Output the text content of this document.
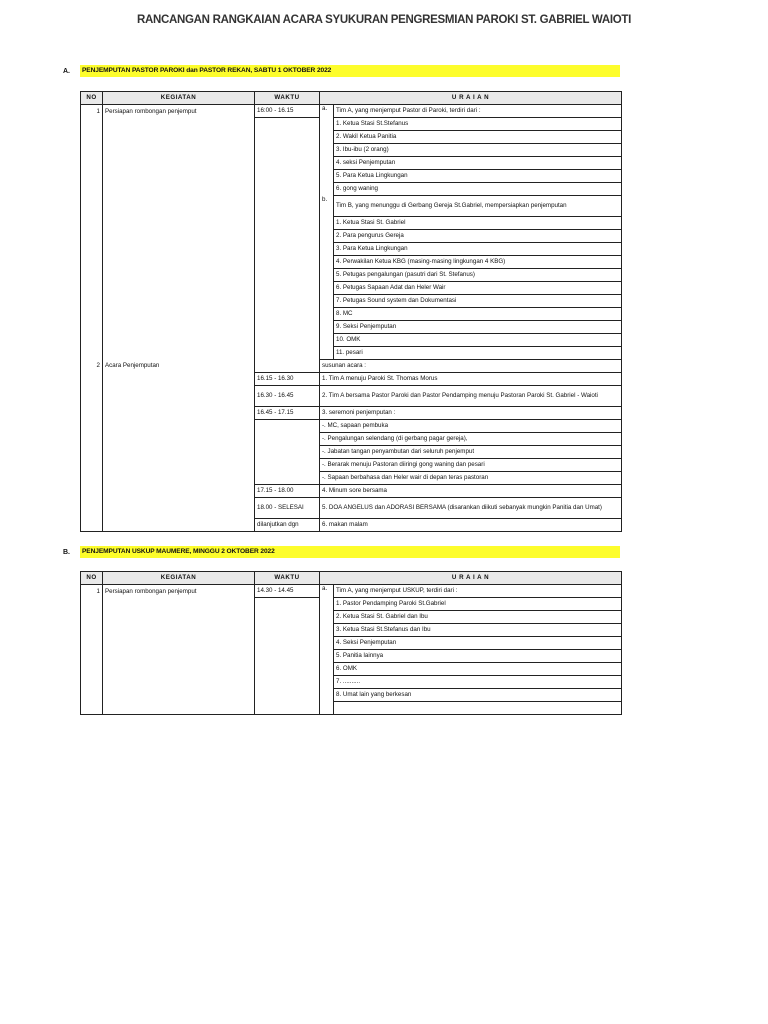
RANCANGAN RANGKAIAN ACARA SYUKURAN PENGRESMIAN PAROKI ST. GABRIEL WAIOTI
A.	PENJEMPUTAN PASTOR PAROKI dan PASTOR REKAN, SABTU 1 OKTOBER 2022
NO	KEGIATAN	WAKTU	U R A I A N	
1	Persiapan rombongan penjemput	16:00 - 16.15	a.	Tim A, yang menjemput Pastor di Paroki, terdiri dari :
				1. Ketua Stasi St.Stefanus
				2. Wakil Ketua Panitia
				3. Ibu-ibu (2 orang)
				4. seksi Penjemputan
				5. Para Ketua Lingkungan
				6. gong waning
			b.	Tim B, yang menunggu di Gerbang Gereja St.Gabriel, mempersiapkan penjemputan
				1. Ketua Stasi St. Gabriel
				2. Para pengurus Gereja
				3. Para Ketua Lingkungan
				4. Perwakilan Ketua KBG (masing-masing lingkungan 4 KBG)
				5. Petugas pengalungan (pasutri dari St. Stefanus)
				6. Petugas Sapaan Adat dan Heler Wair
				7. Petugas Sound system dan Dokumentasi
				8. MC
				9. Seksi Penjemputan
				10. OMK
				11. pesari
2	Acara Penjemputan		susunan acara :	
		16.15 - 16.30	1. Tim A menuju Paroki St. Thomas Morus	
		16.30 - 16.45	2. Tim A bersama Pastor Paroki dan Pastor Pendamping menuju Pastoran Paroki St. Gabriel - Waioti	
		16.45 - 17.15	3. seremoni penjemputan :	
			-. MC, sapaan pembuka	
			-. Pengalungan selendang (di gerbang pagar gereja),	
			-. Jabatan tangan penyambutan dari seluruh penjemput	
			-. Berarak menuju Pastoran diiringi gong waning dan pesari	
			-. Sapaan berbahasa dan Heler wair di depan teras pastoran	
		17.15 - 18.00	4. Minum sore bersama	
		18.00 - SELESAI	5. DOA ANGELUS dan ADORASI BERSAMA (disarankan diikuti sebanyak mungkin Panitia dan Umat)	
		dilanjutkan dgn	6. makan malam	
B.	PENJEMPUTAN USKUP MAUMERE, MINGGU 2 OKTOBER 2022
NO	KEGIATAN	WAKTU	U R A I A N	
1	Persiapan rombongan penjemput	14.30 - 14.45	a.	Tim A, yang menjemput USKUP, terdiri dari :
				1. Pastor Pendamping Paroki St.Gabriel
				2. Ketua Stasi St. Gabriel dan Ibu
				3. Ketua Stasi St.Stefanus dan Ibu
				4. Seksi Penjemputan
				5. Panitia lainnya
				6. OMK
				7. ..........
				8. Umat lain yang berkesan
